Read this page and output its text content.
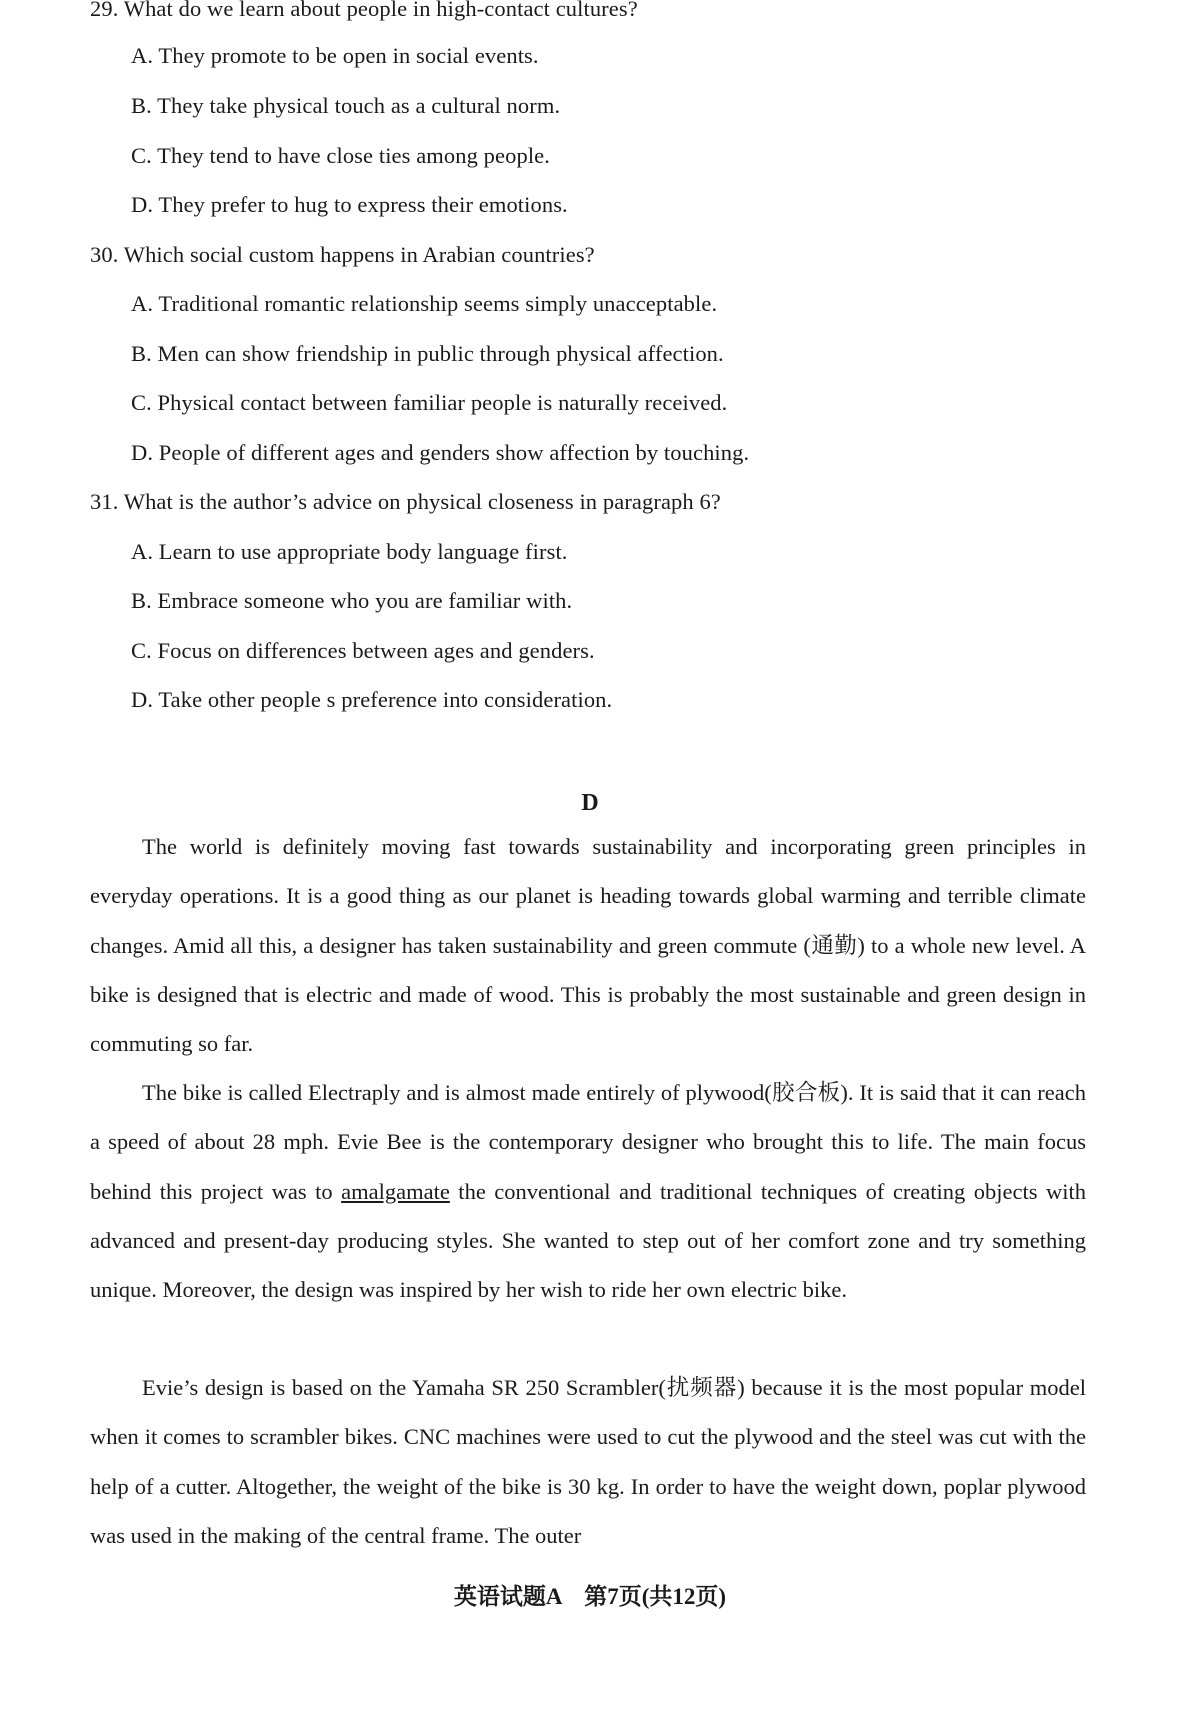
29. What do we learn about people in high-contact cultures?
A. They promote to be open in social events.
B. They take physical touch as a cultural norm.
C. They tend to have close ties among people.
D. They prefer to hug to express their emotions.
30. Which social custom happens in Arabian countries?
A. Traditional romantic relationship seems simply unacceptable.
B. Men can show friendship in public through physical affection.
C. Physical contact between familiar people is naturally received.
D. People of different ages and genders show affection by touching.
31. What is the author’s advice on physical closeness in paragraph 6?
A. Learn to use appropriate body language first.
B. Embrace someone who you are familiar with.
C. Focus on differences between ages and genders.
D. Take other people s preference into consideration.
D
The world is definitely moving fast towards sustainability and incorporating green principles in everyday operations. It is a good thing as our planet is heading towards global warming and terrible climate changes. Amid all this, a designer has taken sustainability and green commute (通勤) to a whole new level. A bike is designed that is electric and made of wood. This is probably the most sustainable and green design in commuting so far.
The bike is called Electraply and is almost made entirely of plywood(胶合板). It is said that it can reach a speed of about 28 mph. Evie Bee is the contemporary designer who brought this to life. The main focus behind this project was to amalgamate the conventional and traditional techniques of creating objects with advanced and present-day producing styles. She wanted to step out of her comfort zone and try something unique. Moreover, the design was inspired by her wish to ride her own electric bike.
Evie’s design is based on the Yamaha SR 250 Scrambler(扰频器) because it is the most popular model when it comes to scrambler bikes. CNC machines were used to cut the plywood and the steel was cut with the help of a cutter. Altogether, the weight of the bike is 30 kg. In order to have the weight down, poplar plywood was used in the making of the central frame. The outer
英语试题A　第7页(共12页)
